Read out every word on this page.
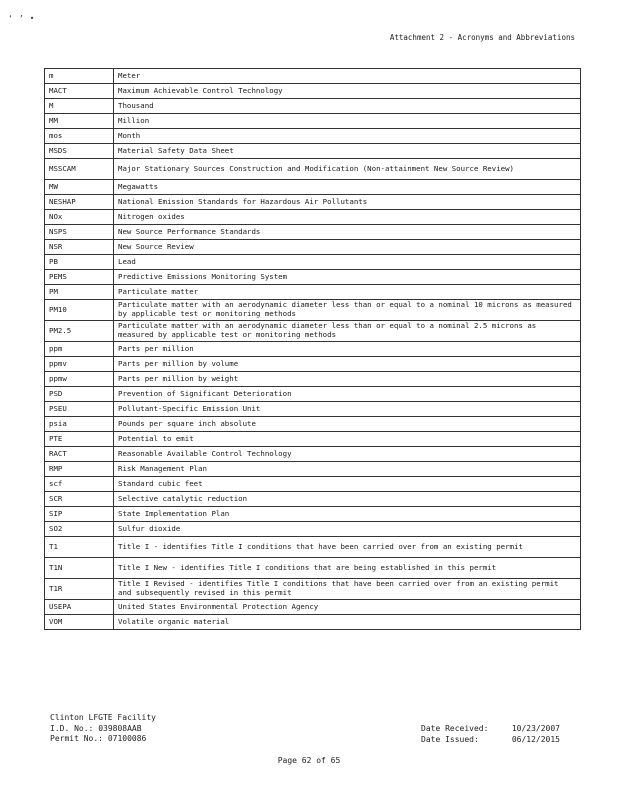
‘’•
Attachment 2 - Acronyms and Abbreviations
m	Meter
MACT	Maximum Achievable Control Technology
M	Thousand
MM	Million
mos	Month
MSDS	Material Safety Data Sheet
MSSCAM	Major Stationary Sources Construction and Modification (Non-attainment New Source Review)
MW	Megawatts
NESHAP	National Emission Standards for Hazardous Air Pollutants
NOx	Nitrogen oxides
NSPS	New Source Performance Standards
NSR	New Source Review
PB	Lead
PEMS	Predictive Emissions Monitoring System
PM	Particulate matter
PM10	Particulate matter with an aerodynamic diameter less than or equal to a nominal 10 microns as measured by applicable test or monitoring methods
PM2.5	Particulate matter with an aerodynamic diameter less than or equal to a nominal 2.5 microns as measured by applicable test or monitoring methods
ppm	Parts per million
ppmv	Parts per million by volume
ppmw	Parts per million by weight
PSD	Prevention of Significant Deterioration
PSEU	Pollutant-Specific Emission Unit
psia	Pounds per square inch absolute
PTE	Potential to emit
RACT	Reasonable Available Control Technology
RMP	Risk Management Plan
scf	Standard cubic feet
SCR	Selective catalytic reduction
SIP	State Implementation Plan
SO2	Sulfur dioxide
T1	Title I - identifies Title I conditions that have been carried over from an existing permit
T1N	Title I New - identifies Title I conditions that are being established in this permit
T1R	Title I Revised - identifies Title I conditions that have been carried over from an existing permit and subsequently revised in this permit
USEPA	United States Environmental Protection Agency
VOM	Volatile organic material
Clinton LFGTE Facility
I.D. No.: 039808AAB
Permit No.: 07100086
Date Received:	10/23/2007
Date Issued:	06/12/2015
Page 62 of 65
